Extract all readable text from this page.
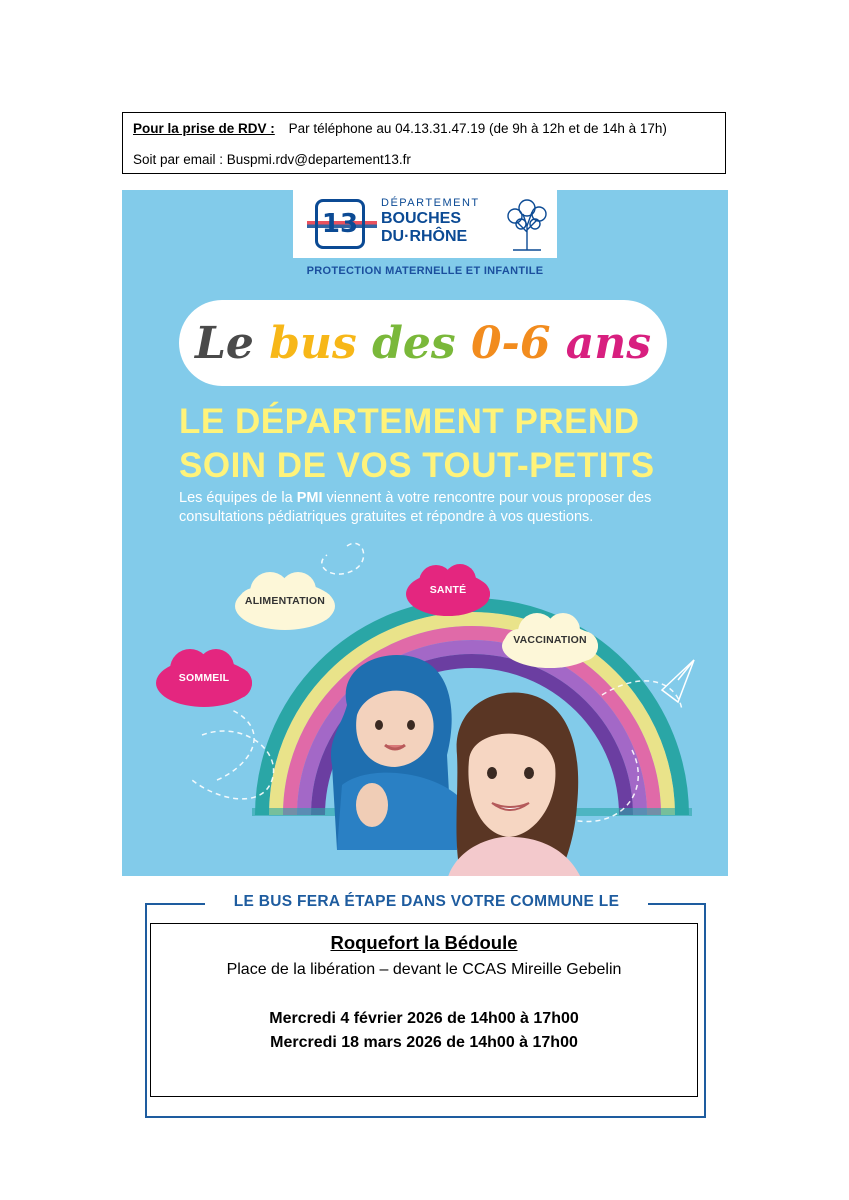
Pour la prise de RDV : Par téléphone au 04.13.31.47.19 (de 9h à 12h et de 14h à 17h)
Soit par email : Buspmi.rdv@departement13.fr
13
DÉPARTEMENT
BOUCHES
DU·RHÔNE
PROTECTION MATERNELLE ET INFANTILE
Le bus des 0-6 ans
LE DÉPARTEMENT PREND
SOIN DE VOS TOUT-PETITS
Les équipes de la PMI viennent à votre rencontre pour vous proposer des consultations pédiatriques gratuites et répondre à vos questions.
ALIMENTATION
SANTÉ
VACCINATION
SOMMEIL
LE BUS FERA ÉTAPE DANS VOTRE COMMUNE LE
Roquefort la Bédoule
Place de la libération – devant le CCAS Mireille Gebelin
Mercredi 4 février 2026 de 14h00 à 17h00
Mercredi 18 mars 2026 de 14h00 à 17h00
